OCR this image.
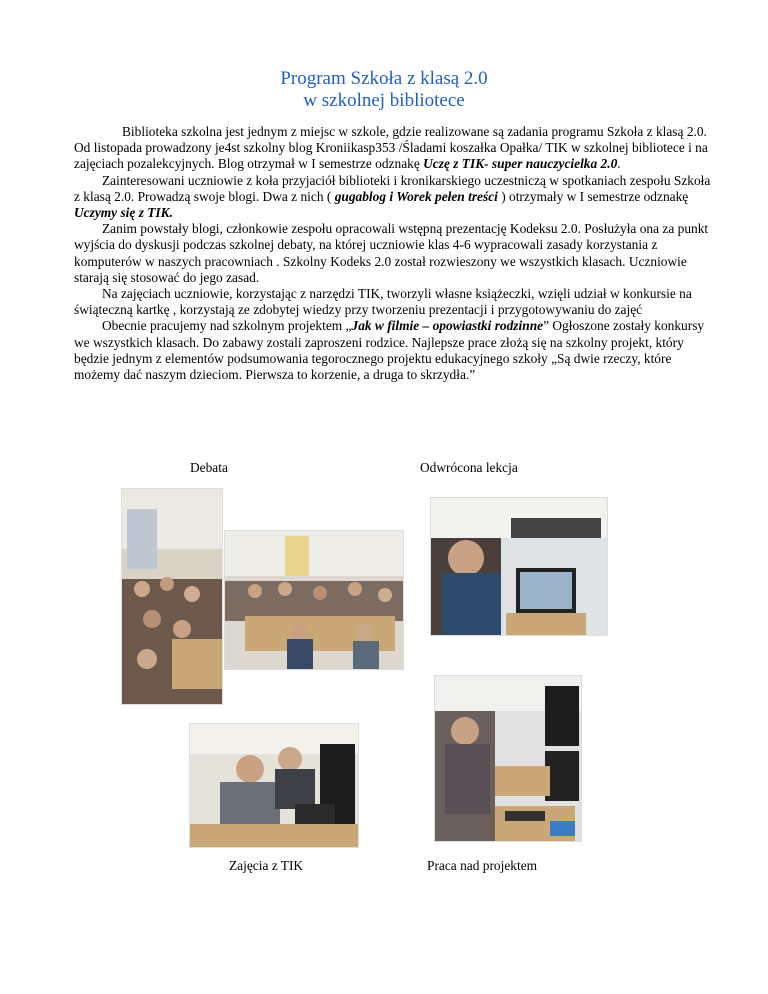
Program Szkoła z klasą 2.0
w szkolnej bibliotece

Biblioteka szkolna jest jednym z miejsc w szkole, gdzie realizowane są zadania programu Szkoła z klasą 2.0. Od listopada prowadzony je4st szkolny blog Kroniikasp353 /Śladami koszałka Opałka/ TIK w szkolnej bibliotece i na zajęciach pozalekcyjnych. Blog otrzymał w I semestrze odznakę Uczę z TIK- super nauczycielka 2.0.

Zainteresowani uczniowie z koła przyjaciół biblioteki i kronikarskiego uczestniczą w spotkaniach zespołu Szkoła z klasą 2.0. Prowadzą swoje blogi. Dwa z nich ( gugablog i Worek pełen treści ) otrzymały w I semestrze odznakę Uczymy się z TIK.

Zanim powstały blogi, członkowie zespołu opracowali wstępną prezentację Kodeksu 2.0. Posłużyła ona za punkt wyjścia do dyskusji podczas szkolnej debaty, na której uczniowie klas 4-6 wypracowali zasady korzystania z komputerów w naszych pracowniach . Szkolny Kodeks 2.0 został rozwieszony we wszystkich klasach. Uczniowie starają się stosować do jego zasad.

Na zajęciach uczniowie, korzystając z narzędzi TIK, tworzyli własne książeczki, wzięli udział w konkursie na świąteczną kartkę , korzystają ze zdobytej wiedzy przy tworzeniu prezentacji i przygotowywaniu do zajęć

Obecnie pracujemy nad szkolnym projektem „Jak w filmie – opowiastki rodzinne” Ogłoszone zostały konkursy we wszystkich klasach. Do zabawy zostali zaproszeni rodzice. Najlepsze prace złożą się na szkolny projekt, który będzie jednym z elementów podsumowania tegorocznego projektu edukacyjnego szkoły „Są dwie rzeczy, które możemy dać naszym dzieciom. Pierwsza to korzenie, a druga to skrzydła.”

Debata	Odwrócona lekcja
Zajęcia z TIK	Praca nad projektem
